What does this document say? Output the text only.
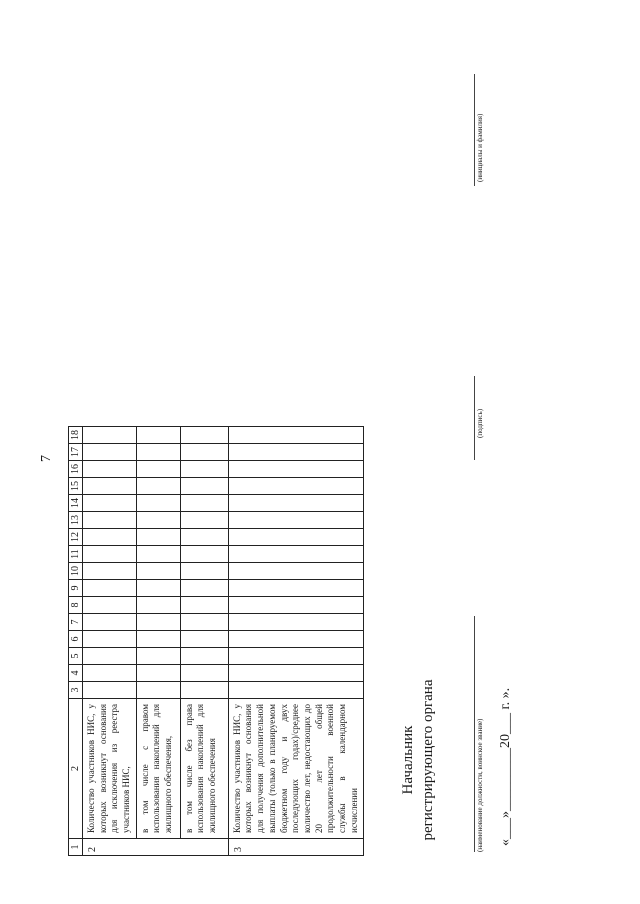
7
1	2	3	4	5	6	7	8	9	10	11	12	13	14	15	16	17	18
2	Количество участников НИС, у которых возникнут основания для исключения из реестра участников НИС,																
	в том числе с правом использования накоплений для жилищного обеспечения,																
	в том числе без права использования накоплений для жилищного обеспечения																
3	Количество участников НИС, у которых возникнут основания для получения дополнительной выплаты (только в планируемом бюджетном году и двух последующих годах)/среднее количество лет, недостающих до 20 лет общей продолжительности военной службы в календарном исчислении																
Начальник регистрирующего органа	(наименование должности, воинское звание)
(подпись)
(инициалы и фамилия)
«___»_________20___ г. ».
